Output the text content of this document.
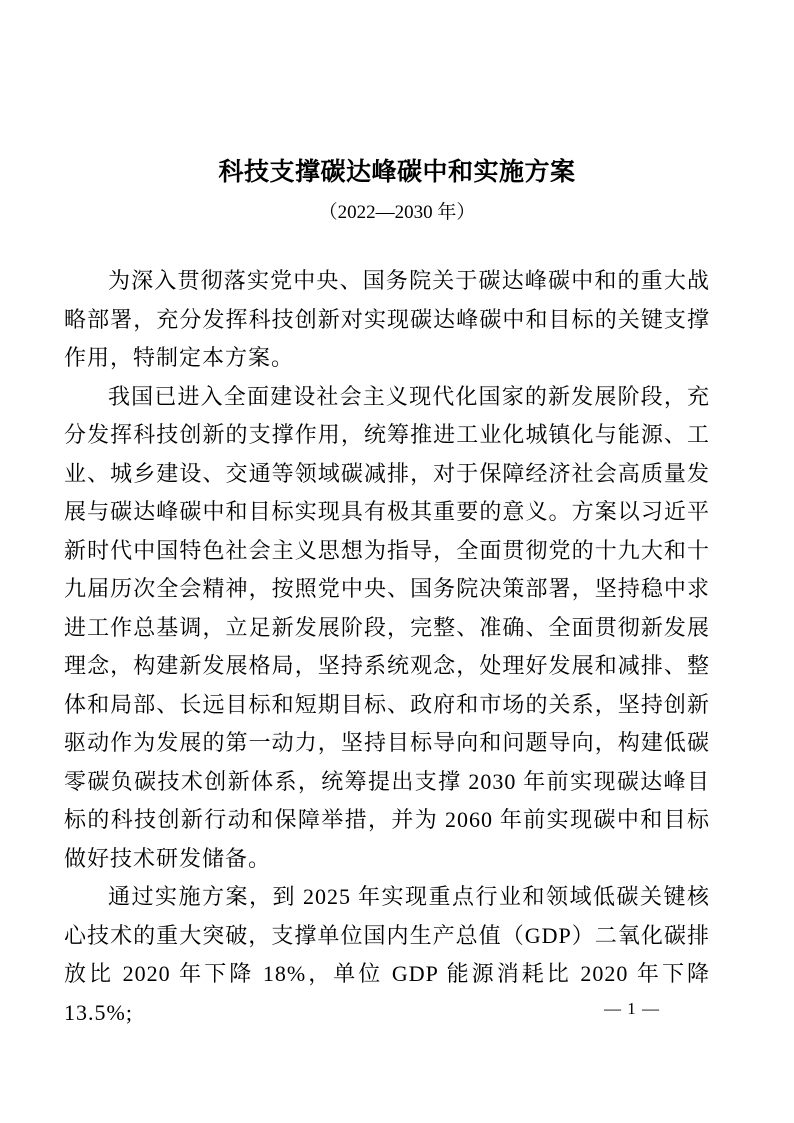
科技支撑碳达峰碳中和实施方案
（2022—2030 年）

为深入贯彻落实党中央、国务院关于碳达峰碳中和的重大战略部署，充分发挥科技创新对实现碳达峰碳中和目标的关键支撑作用，特制定本方案。

我国已进入全面建设社会主义现代化国家的新发展阶段，充分发挥科技创新的支撑作用，统筹推进工业化城镇化与能源、工业、城乡建设、交通等领域碳减排，对于保障经济社会高质量发展与碳达峰碳中和目标实现具有极其重要的意义。方案以习近平新时代中国特色社会主义思想为指导，全面贯彻党的十九大和十九届历次全会精神，按照党中央、国务院决策部署，坚持稳中求进工作总基调，立足新发展阶段，完整、准确、全面贯彻新发展理念，构建新发展格局，坚持系统观念，处理好发展和减排、整体和局部、长远目标和短期目标、政府和市场的关系，坚持创新驱动作为发展的第一动力，坚持目标导向和问题导向，构建低碳零碳负碳技术创新体系，统筹提出支撑 2030 年前实现碳达峰目标的科技创新行动和保障举措，并为 2060 年前实现碳中和目标做好技术研发储备。

通过实施方案，到 2025 年实现重点行业和领域低碳关键核心技术的重大突破，支撑单位国内生产总值（GDP）二氧化碳排放比 2020 年下降 18%，单位 GDP 能源消耗比 2020 年下降 13.5%;	— 1 —
